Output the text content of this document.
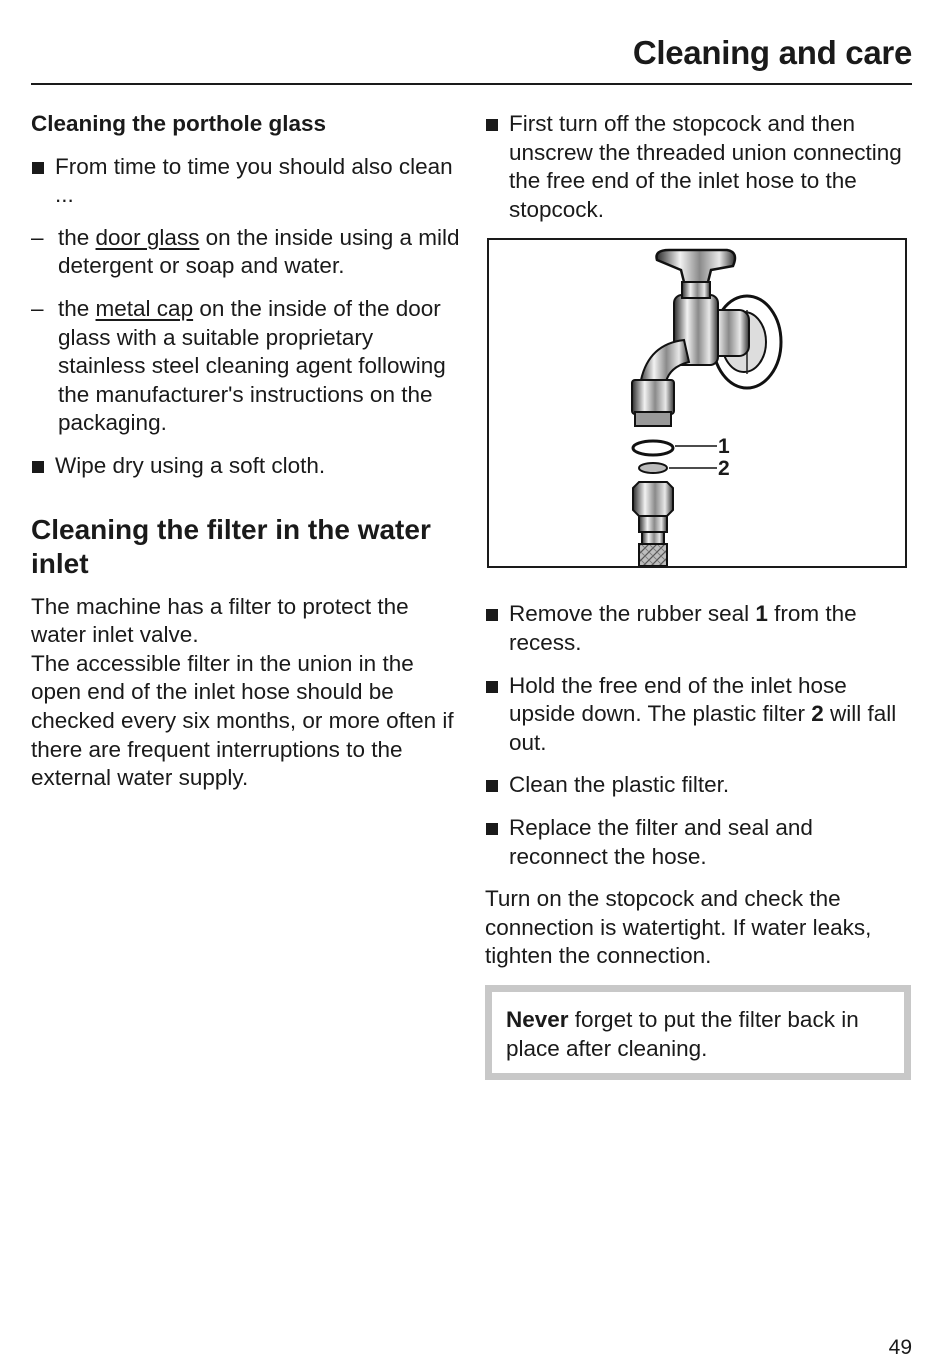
Cleaning and care
Cleaning the porthole glass
From time to time you should also clean ...
– the door glass on the inside using a mild detergent or soap and water.
– the metal cap on the inside of the door glass with a suitable proprietary stainless steel cleaning agent following the manufacturer's instructions on the packaging.
Wipe dry using a soft cloth.
Cleaning the filter in the water inlet

The machine has a filter to protect the water inlet valve.

The accessible filter in the union in the open end of the inlet hose should be checked every six months, or more often if there are frequent interruptions to the external water supply.

First turn off the stopcock and then unscrew the threaded union connecting the free end of the inlet hose to the stopcock.
1
2
Remove the rubber seal 1 from the recess.
Hold the free end of the inlet hose upside down. The plastic filter 2 will fall out.
Clean the plastic filter.
Replace the filter and seal and reconnect the hose.

Turn on the stopcock and check the connection is watertight. If water leaks, tighten the connection.

Never forget to put the filter back in place after cleaning.
49
